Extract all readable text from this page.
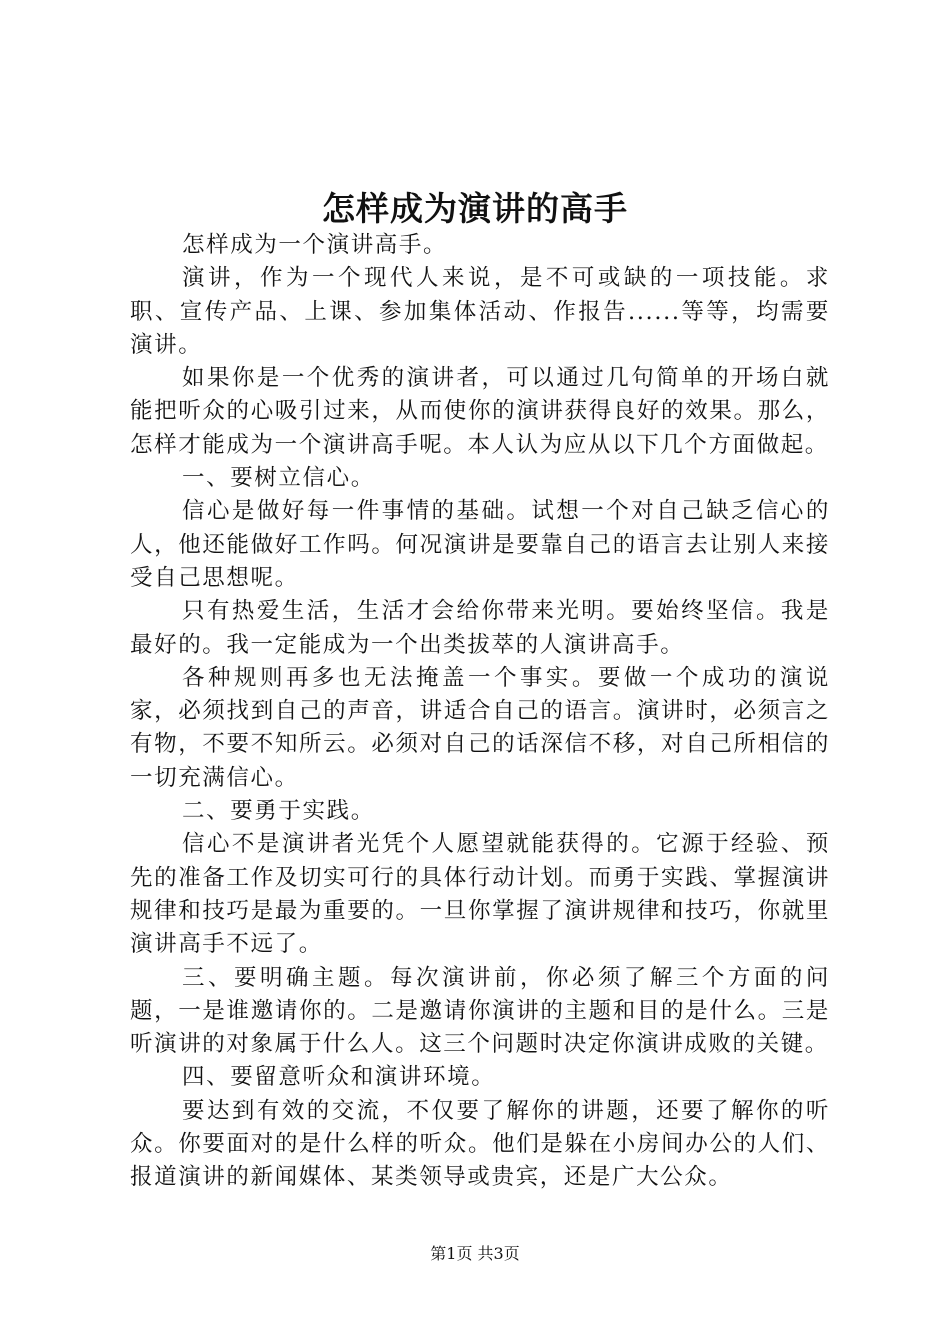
怎样成为演讲的高手

怎样成为一个演讲高手。

演讲，作为一个现代人来说，是不可或缺的一项技能。求职、宣传产品、上课、参加集体活动、作报告......等等，均需要演讲。

如果你是一个优秀的演讲者，可以通过几句简单的开场白就能把听众的心吸引过来，从而使你的演讲获得良好的效果。那么，怎样才能成为一个演讲高手呢。本人认为应从以下几个方面做起。

一、要树立信心。

信心是做好每一件事情的基础。试想一个对自己缺乏信心的人，他还能做好工作吗。何况演讲是要靠自己的语言去让别人来接受自己思想呢。

只有热爱生活，生活才会给你带来光明。要始终坚信。我是最好的。我一定能成为一个出类拔萃的人演讲高手。

各种规则再多也无法掩盖一个事实。要做一个成功的演说家，必须找到自己的声音，讲适合自己的语言。演讲时，必须言之有物，不要不知所云。必须对自己的话深信不移，对自己所相信的一切充满信心。

二、要勇于实践。

信心不是演讲者光凭个人愿望就能获得的。它源于经验、预先的准备工作及切实可行的具体行动计划。而勇于实践、掌握演讲规律和技巧是最为重要的。一旦你掌握了演讲规律和技巧，你就里演讲高手不远了。

三、要明确主题。每次演讲前，你必须了解三个方面的问题，一是谁邀请你的。二是邀请你演讲的主题和目的是什么。三是听演讲的对象属于什么人。这三个问题时决定你演讲成败的关键。

四、要留意听众和演讲环境。

要达到有效的交流，不仅要了解你的讲题，还要了解你的听众。你要面对的是什么样的听众。他们是躲在小房间办公的人们、报道演讲的新闻媒体、某类领导或贵宾，还是广大公众。

第1页 共3页
